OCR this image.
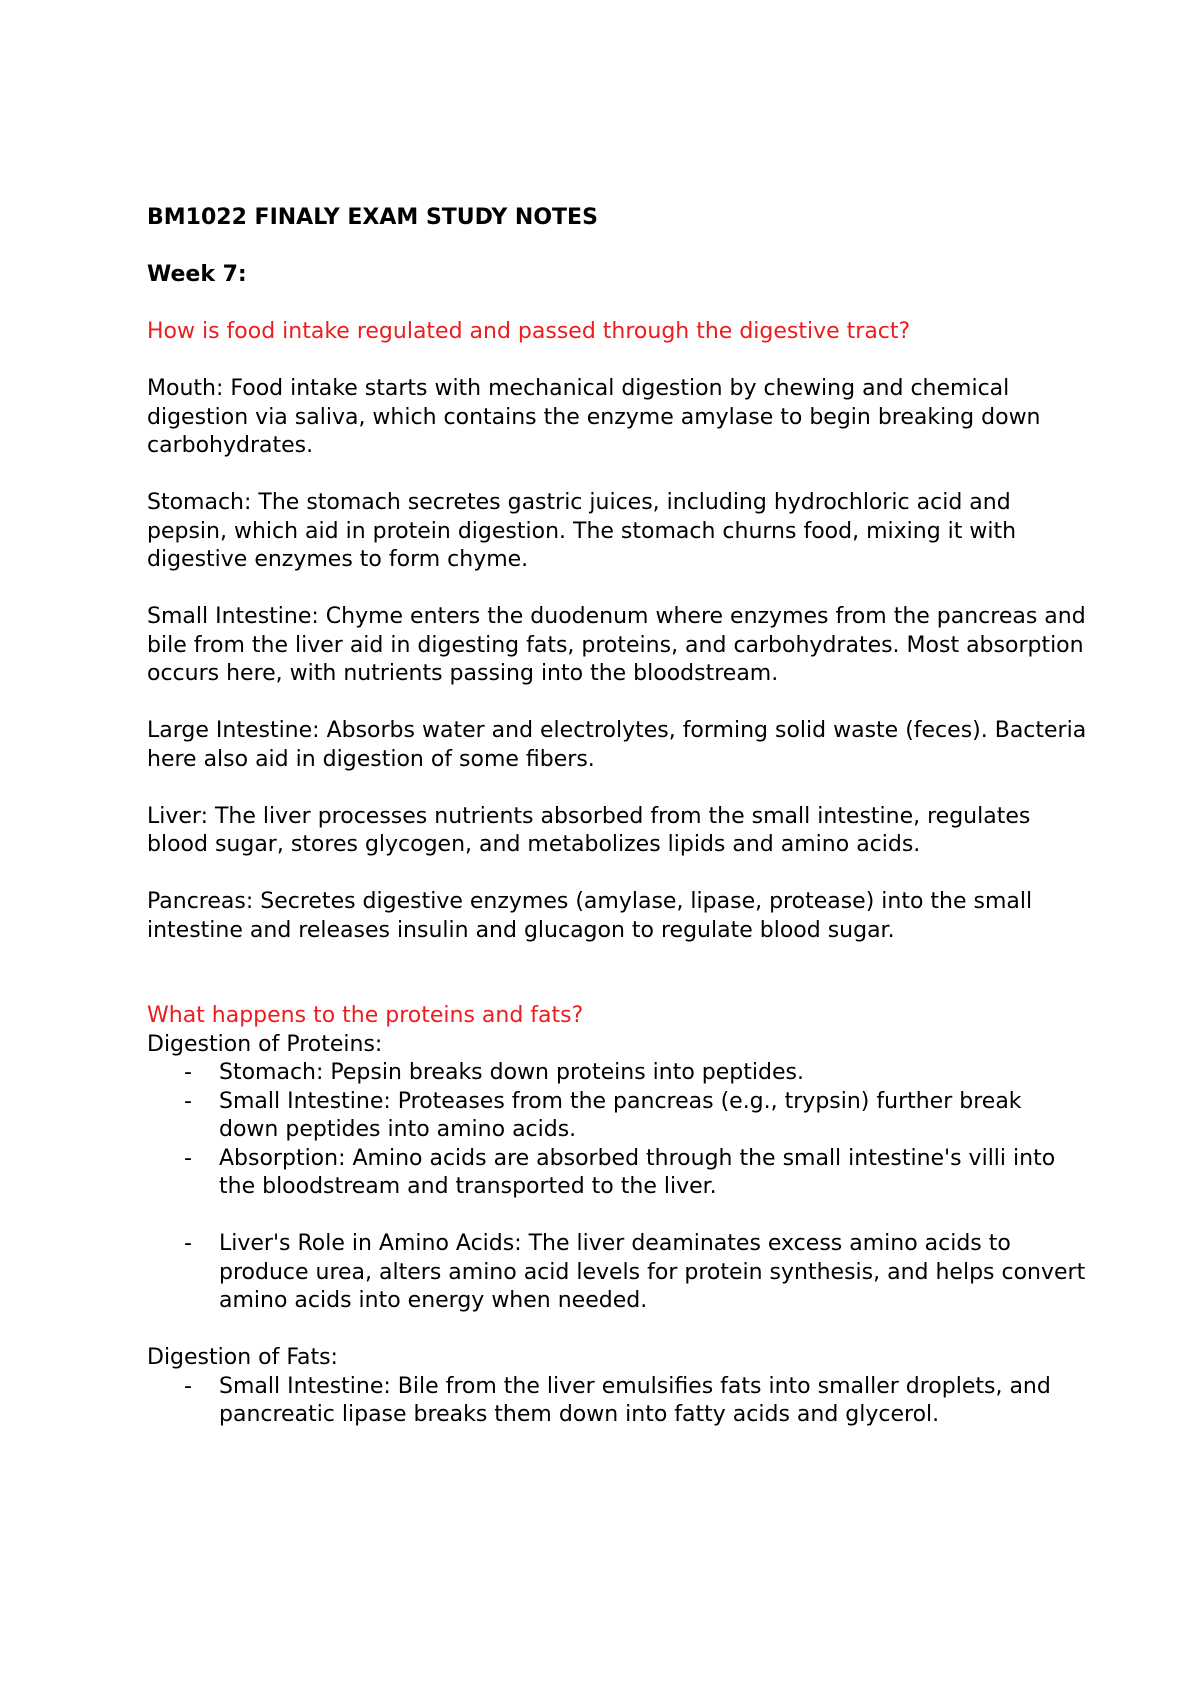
BM1022 FINALY EXAM STUDY NOTES
Week 7:
How is food intake regulated and passed through the digestive tract?

Mouth: Food intake starts with mechanical digestion by chewing and chemical digestion via saliva, which contains the enzyme amylase to begin breaking down carbohydrates.

Stomach: The stomach secretes gastric juices, including hydrochloric acid and pepsin, which aid in protein digestion. The stomach churns food, mixing it with digestive enzymes to form chyme.

Small Intestine: Chyme enters the duodenum where enzymes from the pancreas and bile from the liver aid in digesting fats, proteins, and carbohydrates. Most absorption occurs here, with nutrients passing into the bloodstream.

Large Intestine: Absorbs water and electrolytes, forming solid waste (feces). Bacteria here also aid in digestion of some fibers.

Liver: The liver processes nutrients absorbed from the small intestine, regulates blood sugar, stores glycogen, and metabolizes lipids and amino acids.

Pancreas: Secretes digestive enzymes (amylase, lipase, protease) into the small intestine and releases insulin and glucagon to regulate blood sugar.

What happens to the proteins and fats?
Digestion of Proteins:
- Stomach: Pepsin breaks down proteins into peptides.
- Small Intestine: Proteases from the pancreas (e.g., trypsin) further break down peptides into amino acids.
- Absorption: Amino acids are absorbed through the small intestine's villi into the bloodstream and transported to the liver.
- Liver's Role in Amino Acids: The liver deaminates excess amino acids to produce urea, alters amino acid levels for protein synthesis, and helps convert amino acids into energy when needed.
Digestion of Fats:
- Small Intestine: Bile from the liver emulsifies fats into smaller droplets, and pancreatic lipase breaks them down into fatty acids and glycerol.
